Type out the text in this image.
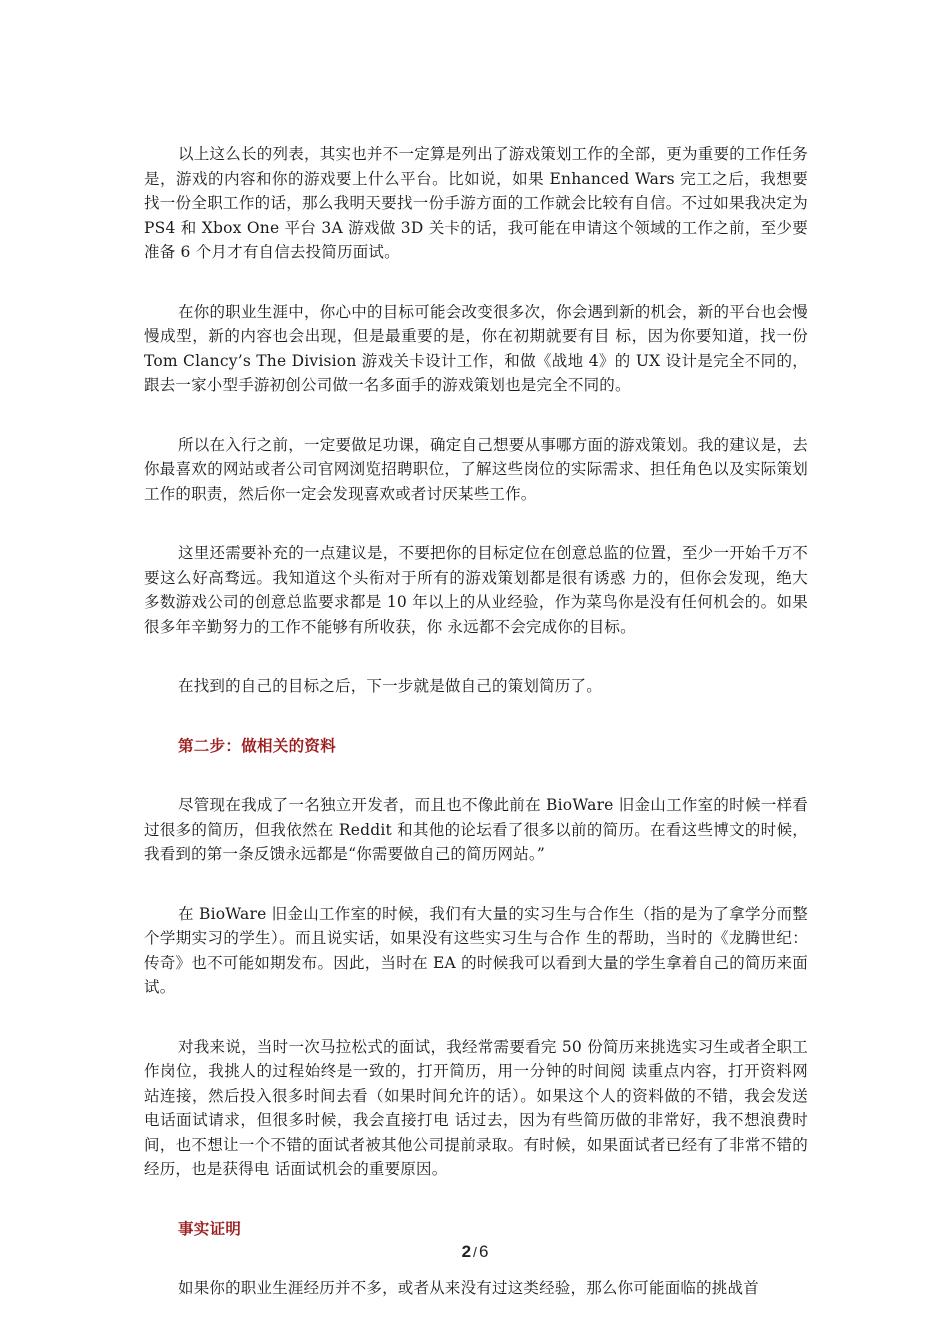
以上这么长的列表，其实也并不一定算是列出了游戏策划工作的全部，更为重要的工作任务是，游戏的内容和你的游戏要上什么平台。比如说，如果 Enhanced Wars 完工之后，我想要找一份全职工作的话，那么我明天要找一份手游方面的工作就会比较有自信。不过如果我决定为 PS4 和 Xbox One 平台 3A 游戏做 3D 关卡的话，我可能在申请这个领域的工作之前，至少要准备 6 个月才有自信去投简历面试。

在你的职业生涯中，你心中的目标可能会改变很多次，你会遇到新的机会，新的平台也会慢慢成型，新的内容也会出现，但是最重要的是，你在初期就要有目 标，因为你要知道，找一份 Tom Clancy’s The Division 游戏关卡设计工作，和做《战地 4》的 UX 设计是完全不同的，跟去一家小型手游初创公司做一名多面手的游戏策划也是完全不同的。

所以在入行之前，一定要做足功课，确定自己想要从事哪方面的游戏策划。我的建议是，去你最喜欢的网站或者公司官网浏览招聘职位，了解这些岗位的实际需求、担任角色以及实际策划工作的职责，然后你一定会发现喜欢或者讨厌某些工作。

这里还需要补充的一点建议是，不要把你的目标定位在创意总监的位置，至少一开始千万不要这么好高骛远。我知道这个头衔对于所有的游戏策划都是很有诱惑 力的，但你会发现，绝大多数游戏公司的创意总监要求都是 10 年以上的从业经验，作为菜鸟你是没有任何机会的。如果很多年辛勤努力的工作不能够有所收获，你 永远都不会完成你的目标。

在找到的自己的目标之后，下一步就是做自己的策划简历了。

第二步：做相关的资料

尽管现在我成了一名独立开发者，而且也不像此前在 BioWare 旧金山工作室的时候一样看过很多的简历，但我依然在 Reddit 和其他的论坛看了很多以前的简历。在看这些博文的时候，我看到的第一条反馈永远都是“你需要做自己的简历网站。”

在 BioWare 旧金山工作室的时候，我们有大量的实习生与合作生（指的是为了拿学分而整个学期实习的学生）。而且说实话，如果没有这些实习生与合作 生的帮助，当时的《龙腾世纪：传奇》也不可能如期发布。因此，当时在 EA 的时候我可以看到大量的学生拿着自己的简历来面试。

对我来说，当时一次马拉松式的面试，我经常需要看完 50 份简历来挑选实习生或者全职工作岗位，我挑人的过程始终是一致的，打开简历，用一分钟的时间阅 读重点内容，打开资料网站连接，然后投入很多时间去看（如果时间允许的话）。如果这个人的资料做的不错，我会发送电话面试请求，但很多时候，我会直接打电 话过去，因为有些简历做的非常好，我不想浪费时间，也不想让一个不错的面试者被其他公司提前录取。有时候，如果面试者已经有了非常不错的经历，也是获得电 话面试机会的重要原因。

事实证明

如果你的职业生涯经历并不多，或者从来没有过这类经验，那么你可能面临的挑战首

2 / 6
